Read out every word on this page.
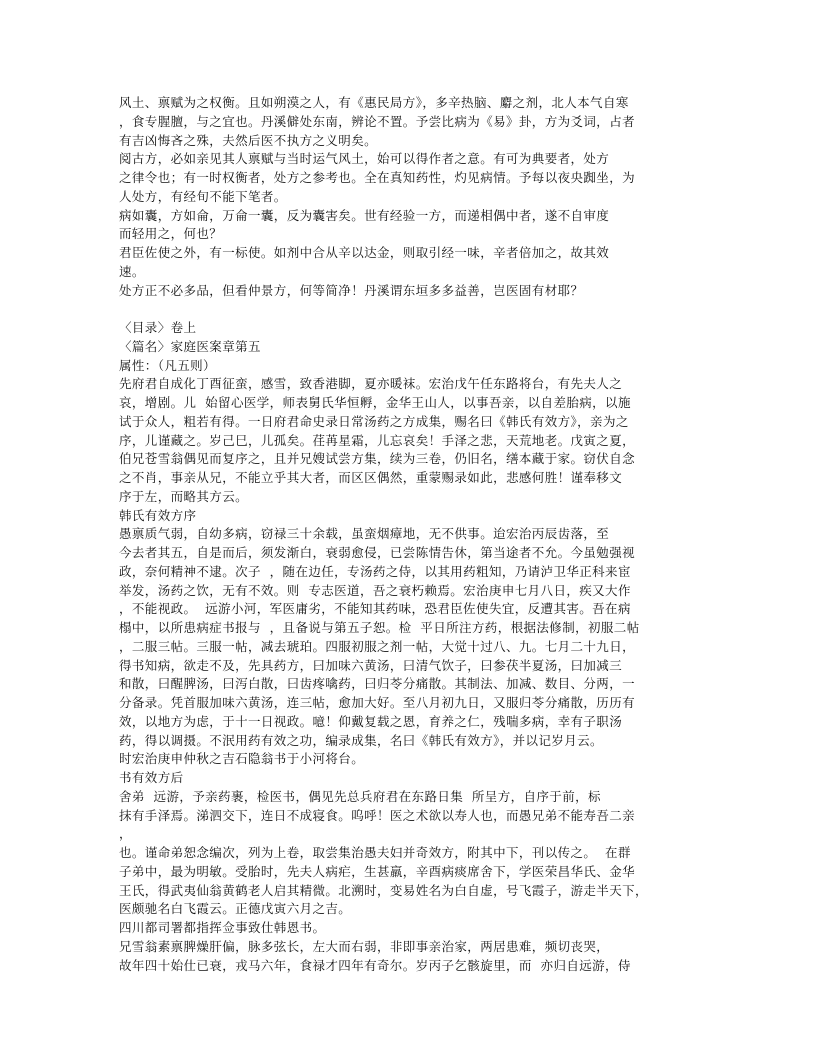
风土、禀赋为之权衡。且如朔漠之人，有《惠民局方》，多辛热脑、麝之剂，北人本气自寒
，食专腥膻，与之宜也。丹溪僻处东南，辨论不置。予尝比病为《易》卦，方为爻词，占者
有吉凶悔吝之殊，夫然后医不执方之义明矣。
阅古方，必如亲见其人禀赋与当时运气风土，始可以得作者之意。有可为典要者，处方
之律令也；有一时权衡者，处方之参考也。全在真知药性，灼见病情。予每以夜央踟坐，为
人处方，有经旬不能下笔者。
病如囊，方如侖，万侖一囊，反为囊害矣。世有经验一方，而递相偶中者，遂不自审度
而轻用之，何也？
君臣佐使之外，有一标使。如剂中合从辛以达金，则取引经一味，辛者倍加之，故其效
速。
处方正不必多品，但看仲景方，何等简净！丹溪谓东垣多多益善，岂医固有材耶？
〈目录〉卷上
〈篇名〉家庭医案章第五
属性：（凡五则）
先府君自成化丁酉征蛮，感雪，致香港脚，夏亦暖袜。宏治戊午任东路将台，有先夫人之
哀，增剧。儿  始留心医学，师表舅氏华恒孵，金华王山人，以事吾亲，以自差胎病，以施
试于众人，粗若有得。一日府君命史录日常汤药之方成集，赐名曰《韩氏有效方》，亲为之
序，儿谨藏之。岁己巳，儿孤矣。荏苒星霜，儿忘哀矣！手泽之悲，天荒地老。戊寅之夏，
伯兄苍雪翁偶见而复序之，且并兄嫂试尝方集，续为三卷，仍旧名，缮本藏于家。窃伏自念
之不肖，事亲从兄，不能立乎其大者，而区区偶然，重蒙赐录如此，悲感何胜！谨奉移文
序于左，而略其方云。
韩氏有效方序
愚禀质气弱，自幼多病，窃禄三十余载，虽蛮烟瘴地，无不供事。迨宏治丙辰齿落，至
今去者其五，自是而后，须发渐白，衰弱愈侵，已尝陈情告休，第当途者不允。今虽勉强视
政，奈何精神不逮。次子  ，随在边任，专汤药之侍，以其用药粗知，乃请泸卫华正科来宦
举发，汤药之饮，无有不效。则  专志医道，吾之衰朽赖焉。宏治庚申七月八日，疾又大作
，不能视政。  远游小河，军医庸劣，不能知其药味，恐君臣佐使失宜，反遭其害。吾在病
榻中，以所患病症书报与  ，且备说与第五子恕。检  平日所注方药，根据法修制，初服二帖
，二服三帖。三服一帖，减去琥珀。四服初服之剂一帖，大觉十过八、九。七月二十九日，
得书知病，欲走不及，先具药方，曰加味六黄汤，曰清气饮子，曰参茯半夏汤，曰加减三
和散，曰醒脾汤，曰泻白散，曰齿疼噙药，曰归苓分痛散。其制法、加减、数目、分两，一
分备录。凭首服加味六黄汤，连三帖，愈加大好。至八月初九日，又服归苓分痛散，历历有
效，以地方为虑，于十一日视政。噫！仰戴复载之恩，育养之仁，残喘多病，幸有子职汤
药，得以调摄。不泯用药有效之功，编录成集，名曰《韩氏有效方》，并以记岁月云。
时宏治庚申仲秋之吉石隐翁书于小河将台。
书有效方后
舍弟  远游，予亲药裹，检医书，偶见先总兵府君在东路日集  所呈方，自序于前，标
抹有手泽焉。涕泗交下，连日不成寝食。呜呼！医之术欲以寿人也，而愚兄弟不能寿吾二亲
，
也。谨命弟恕念编次，列为上卷，取尝集治愚夫妇并奇效方，附其中下，刊以传之。  在群
子弟中，最为明敏。受胎时，先夫人病疟，生甚羸，辛酉病痰席舍下，学医荣昌华氏、金华
王氏，得武夷仙翁黄鹤老人启其精微。北溯时，变易姓名为白自虚，号飞霞子，游走半天下，
医颇驰名白飞霞云。正德戊寅六月之吉。
四川都司署都指挥佥事致仕韩恩书。
兄雪翁素禀脾燥肝偏，脉多弦长，左大而右弱，非即事亲治家，两居患难，频切丧哭，
故年四十始仕已衰，戎马六年，食禄才四年有奇尔。岁丙子乞骸旋里，而  亦归自远游，侍
